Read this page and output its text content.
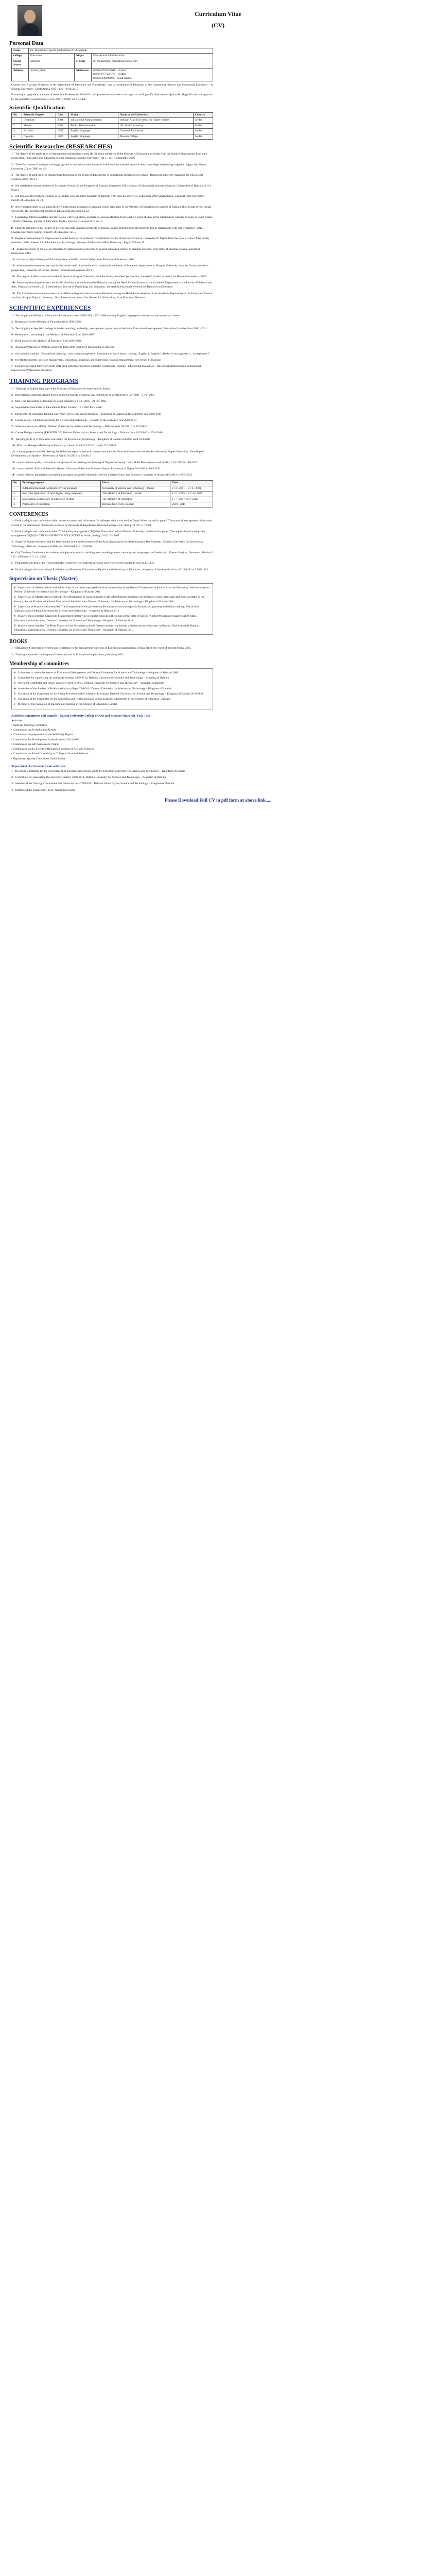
Curriculum Vitae
(CV)
Personal Data
Name	Dr. Mohammed Qasim Mohammed AL-Magablih		
college	Education	Major	Educational Administration
Social Status	Married	E-Mail	dr_mohammed_magablih@yahoo.com
Address	Jordan_Irbid	Mobile no	00962-0795223048 – Jordan
00962-0777225774 – Jordan
009665630088066 - Saudi Arabia
Current Job: Assistant Professor in the department of Education and Knowledge , and a coordinator of Deanship of the Community Service and Continuing Education – in Shaqraa University , Saudi Arabia 1435-1436 – 2014-2015
Promoting to upgrade to the rank of Associate Professor on 20-4-2011 and procedures attached to the report according to Dr. Mohammed Qasim AL Magablih with the approval by the Scientific Council No 6 D 4/15-2/0017 DATE 4/27-5-1436
Scientific Qualification
No	Scientific Degree	Date	Major	Name of the University	Country
1	Doctorate	2004	Educational Administration	Amman Arab University for Higher studies	Jordan
2	Master	2000	Public Administration	AL albait University	Jordan
3	Bachelor	1995	English language	Yarmouk University	Jordan
4	Diploma	1987	English language	Howara college	Jordan
Scientific Researches (RESEARCHES)
1- The degree of the application of management information system (MIS) in the ministries of the Ministry of Education in Jordan from the heads of departments from their perspective. Philosophy and Education science magazine. Bahrain University ,Vol 1 , vol. 7, September 2006.
2- The effectiveness of teachers training programs in educational directorates in Irbid from the trainee's point of view: knowledge and reading magazine. Egypt. Ain Shams University ,Cairo, 2005 no. 45
3- The degree of application of management functions by the heads of departments in educational directorates in Jordan , Damascus university magazine for educational sciences, 2006 , No 13
4- Job satisfaction among teachers in Secondary Schools in the Kingdom of Bahrain, September 2013 Journal of Educational and psychological, Universities of Bahrain Vol 14 Issue 3
5- Job Stress of the teachers working in Secondary schools in the Kingdom of Bahrain from their point of view, September 2009 Saudi Arabia , Umm Al Qura University, Faculty of Education, no 13.
6- An Evaluation study of an administrative professional program for assistant school principals in the Ministry of Education in Kingdom of Bahrain: their perspectives, Jordan University, The International Journal of Educational Research no 32.
7- Leadership Patterns available and its relation with field, stress, experience, and qualification from teacher's point of view at the intermediate, Shaqraa Schools in Saudi Arabia . Jarash University, Faculty of Education, Jordan, University Journal 2015 vol. 8
8- Students' attitudes in the Faculty of Science and Arts Shaqraa University of Najran towards learning English problems and its relationship with some variables , 2012 . Shaqraa University Journal , Faculty of Education, vol. 5
9- Degree of Administrative empowerment in the heads of the academic Departments Faculty of Arts and Sciences. University Of Najran from the point of view of the faculty members , 2012, Research in Education and Psychology , Faculty of Education, Minia University , Egypt, Volume 25
10- Evaluative Study of the use of computers by administrative processes in general education schools in Shaqraa province. University of Shaqraa, Najran, Journal of Humanities 2013
11- Lecture in Najran Faculty of Education. New scientific Journal Valley from Educational Sciences , 2012
12- Administrative empowerment and its link to the level of administrative creativity in the heads of Academic departments in Shaqraa University from the faculty members' perspective, University of Jordan , Dirasat , Educational Sciences 2014
13- The degree of effectiveness of academic heads in Shaqraa University from the faculty members' perspective, Journal of Jarash University for Humanities research 2015
14- Administrative empowerment and its Relationship with the Innovative Behavior among the Head & Coordinators of the Academic Department at the Faculty of Science and Arts, Shaqraa University , 2014 International Journal of Psychology and education , the Arab International Network for Research in Education
15- The Administrative empowerment and its Relationship with the Innovative Behavior among the Head & Coordinators of the Academic Department at the Faculty of Science and Arts, Shaqraa Najran University , 2014 International Journal for Research in Education , Arab Education Network
SCIENTIFIC EXPERIENCES
1- Teaching in the Ministry of Education for 16 years from 1985-1999, 1992 -2000 teaching English language for elementary and secondary classes.
2- Headmaster in the Ministry of Education from 1999-2000
3- Teaching in the Specialist college in Jordan teaching Leadership, management, organizational behavior, Educational management, Educational policies from 2000 - 2011.
4- Headmaster , secondary in the Ministry of Education from 2004-2005
5- Head master in the Ministry of Education from 2005-2006
6- Assistant Professor in Delmun University from 2006 until 2011 teaching these subjects:
a- the bachelor students : Educational planning , class room management , foundation of curriculum , training , English 1, English 2 ,Basics of management 1 , management 2
b- for Master students: decision management, Educational planning, and supervision, training management, new trends in Training
7- Lecturer in Najran University from 2011 until 2012 teaching these subjects: Curriculum , training , Educational Evaluation , The school administration, Educational Supervision, Professional Guidance
TRAINING PROGRAMS
1- Trainings in English language in the Ministry of Education for sometimes in Jordan.
2- International computer driving license in the University of science and technology in Jordan from 2 \ 2 \ 2001 - 2 \ 6 \ 2001
3- Intel , the application of teaching by using computers, 1 \ 6 \ 2005 - 21 \ 6 \ 2005
4- Supervision Directorate of Education in Irbid, Jordan 1 \ 7 \ 2007 for a week.
5- Philosophy of education, Delmun University for Science and Technology – Kingdom of Bahrain in the academic year 2010-2011
6- Course design , Delmun University for Science and Technology – Bahrain in the academic year 2009-2010
7- Statistical Analysis (SPSS) , Delmun University for Science and Technology – Bahrain from 16\2\2010 to 25\3\2010
8- Course Design a website (FRONTPAGE) Delmun University for Science and Technology – Bahrain from 10\3\2010 to 25\4\2010
9- Teaching skills (1,2,3) Delmun University for Science and Technology – Kingdom of Bahrain 6\4\2010 until 22\4\2010
10- Effective Manager Multi Najran University – Saudi Arabia 12\12\2011 until 17\12\2011
11- training program entitled "Setting the Self-study report" Quality In cooperation with the National Commission for the Accreditation , Higher Education , Deanship of Development and Quality - University of Najran 3\4\2012 to 5\4\2012
12- course entitled quality standards in the system of the teaching and learning of Najran University " univ Skills Development and Quality " 4\4\2012 to 18\4\2012
13- course entitled: Ethics of Scientific Research Faculty of Arts and Sciences Shaqraa University of Najran 9\4\2012 to 10\4\2012
14- course entitled: preparation and training packages designed Community Service College of Arts and Sciences University of Najran 21\4\2012 to 20\5\2012
No	Training program	Place	Time
1	ICDL (International Computer Driving License)	University of science and technology - Jordan	2 \ 2 \ 2001 -- 2 \ 6 \ 2001
2	Intel , the application of teaching by using computers	The Ministry of Education , Jordan	1 \ 6 \ 2005 -- 21 \ 6 \ 2005
3	Supervision, Directorate of Education in Irbid	The Ministry of Education	1 \ 7 \ 2007 for 1 week
4	Philosophy of education	Delmun University, Bahrain	2010 - 2011
CONFERENCES
1- Participating in the conference called: advanced nation and information's challenges which was held in Zarqa University with a paper "The status of management information system in the educational directorate in Jordan by the heads of departments from their perspective" during 10 -20 / 5 / 2004
2- Participating in the conference called "Total quality management (TQM) in Education" held in Delmun University, Jordan with a paper "The application of total quality management (TQM) IN THE MINISTRY OF EDUCATION in Jordan, during 19 -20 / 5 / 2007
3- chapter of higher education and the labor market in the Arab countries of the Arab Organization for Administrative Development . Delmun University for Science and Technology - Bahrain - Kingdom of Bahrain 19\10\2008 to 21\10\2008
4- Gulf Teachers Conference for students in higher education in the Kingdom knowledge about creativity and the prospects of leadership , Eastern Region , Dammam - Khobar 9 \ 12 \ 2008 until 11 \ 12 \ 2008
5- Preparatory meeting of the Third Scientific Conference for students in Najran University for the academic year 1432-1433
6- Participating in the International Exhibition and Forum for Education in Riyadh and the Ministry of Education , Kingdom of Saudi Arabia from 21\10\1433 to 25\10\1433
Supervision on Thesis (Master)
1- Supervision of Master's thesis entitled Activity of web sites messaged in information society in Al Ahamdi Governorate in Kuwait from the Education , Administrative in Delmun University for Science and Technology – Kingdom of Bahrain 2011
2- Supervision of Master's thesis entitled: The effectiveness of using computer in the administrative functions of elementary school principals and their assistants in the Kuwaiti, Amani Ebrahim Al Khaled, Educational Administration Delmun University for Science and Technology – Kingdom of Bahrain 2011
3- Supervisor of Master's thesis entitled: The Competency of the government Secondary school principals in Kuwait and planning at decision making, Educational Administration, Delmun University for Science and Technology – Kingdom of Bahrain 2011
4- Master's thesis entitled: Classroom Management Strategy in Secondary schools in the region of the State of Kuwait, Ahmed Mohammed Saad Nouri Al Azmi, Educational Administration, Delmun University for Science and Technology – Kingdom of Bahrain 2011
5- Master's thesis entitled: The Head Masters of the Secondary schools Patterns and its relationship with the morale of teachers in Kuwait, Naif Ahmad Al Shemari, Educational Administration, Delmun University for Science and Technology – Kingdom of Bahrain, 2011
BOOKS
1- Management Information System and its relation to the management functions in Educational applications, Jordan, Irbid, the world of modern books, 2005
2- Training and modern techniques of leadership and its Educational applications, publishing 2011
Membership of committees
1- Committee to create the master of Educational Management and Delmun University for Science and Technology – Kingdom of Bahrain 2008
2- Committee for supervising the university students 2009-2010, Delmun University for Science and Technology – Kingdom of Bahrain
3- Oversight Committee and follow up tests 1-2011 to 2010, Delmun University for Science and Technology – Kingdom of Bahrain
4- A member of the Review of Public quality in college 2009-2011 Delmun University for Science and Technology – Kingdom of Bahrain
5- Chairman of the Committee on Licensing Revisions in the College of Education, Delmun University for Science and Technology – Kingdom of Bahrain 2010-2011
6- Chairman of the Committee on the Admission and Registration and course academic advisement in the College of Education , Bahrain
7- Member of the evaluation of teaching and learning in the College of Education, Bahrain
Activities, committees and councils - Najran University College of Arts and Sciences Sharurah -1432-1433
Activities:
• Strategic Planning Committee
• Commission on Accreditation Results
• Commission on preparation of the Self-Study Report
• Commission for Development Analysis in total 2012-2013
• Commission on Self Assessment, Najran
• Commission on the Scientific Research at College of Arts and Sciences
• Commission on Scientific Activity at College of Arts and Sciences
• Department Quality Committee, Saudi Arabia
Supervision of extra-curricular activities:
1- Reviewer Committee for the development of programs and courses 2008-2010 Delmun University for Science and Technology – Kingdom of Bahrain
2- Committee for supervising the university student, 2009-2011, Delmun University for Science and Technology – Kingdom of Bahrain
3- Member of the Oversight Committee and follow-up tests 2009-2011, Delmun University for Science and Technology – Kingdom of Bahrain
4- Member of the Exams 2011-2012, Najran University
Please Download Full CV in pdf form at above link.....
